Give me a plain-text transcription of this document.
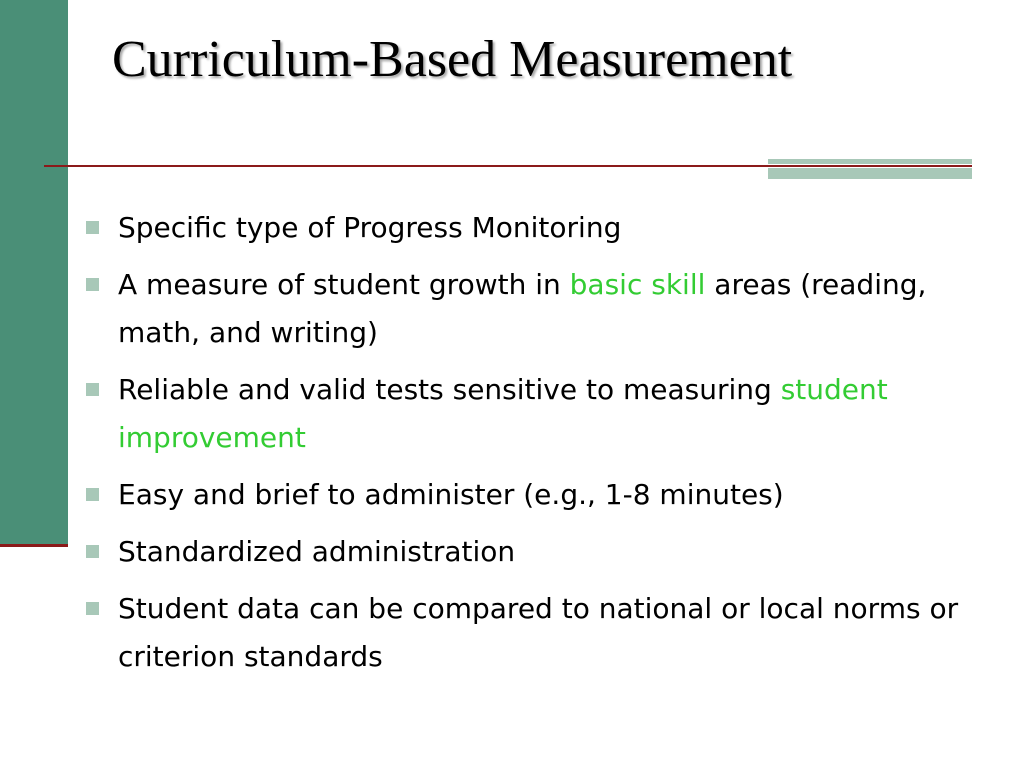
Curriculum-Based Measurement
Specific type of Progress Monitoring
A measure of student growth in basic skill areas (reading, math, and writing)
Reliable and valid tests sensitive to measuring student improvement
Easy and brief to administer (e.g., 1-8 minutes)
Standardized administration
Student data can be compared to national or local norms or criterion standards
